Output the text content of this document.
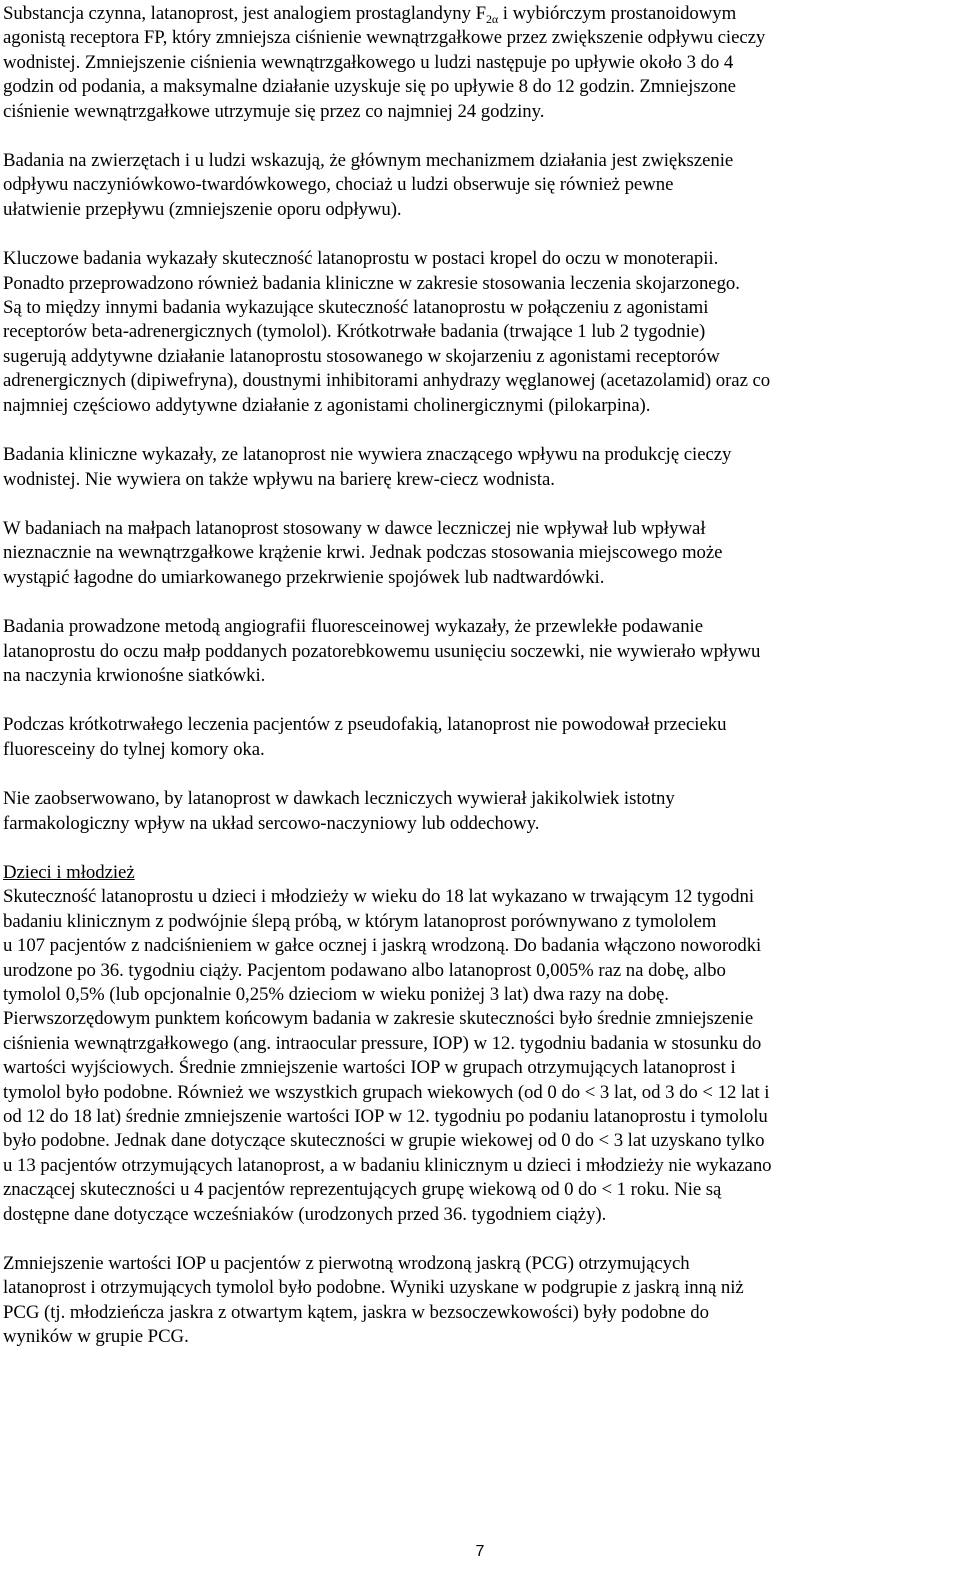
Substancja czynna, latanoprost, jest analogiem prostaglandyny $F_{2\alpha}$ i wybiórczym prostanoidowym
agonistą receptora FP, który zmniejsza ciśnienie wewnątrzgałkowe przez zwiększenie odpływu cieczy
wodnistej. Zmniejszenie ciśnienia wewnątrzgałkowego u ludzi następuje po upływie około 3 do 4
godzin od podania, a maksymalne działanie uzyskuje się po upływie 8 do 12 godzin. Zmniejszone
ciśnienie wewnątrzgałkowe utrzymuje się przez co najmniej 24 godziny.

Badania na zwierzętach i u ludzi wskazują, że głównym mechanizmem działania jest zwiększenie
odpływu naczyniówkowo-twardówkowego, chociaż u ludzi obserwuje się również pewne
ułatwienie przepływu (zmniejszenie oporu odpływu).

Kluczowe badania wykazały skuteczność latanoprostu w postaci kropel do oczu w monoterapii.
Ponadto przeprowadzono również badania kliniczne w zakresie stosowania leczenia skojarzonego.
Są to między innymi badania wykazujące skuteczność latanoprostu w połączeniu z agonistami
receptorów beta-adrenergicznych (tymolol). Krótkotrwałe badania (trwające 1 lub 2 tygodnie)
sugerują addytywne działanie latanoprostu stosowanego w skojarzeniu z agonistami receptorów
adrenergicznych (dipiwefryna), doustnymi inhibitorami anhydrazy węglanowej (acetazolamid) oraz co
najmniej częściowo addytywne działanie z agonistami cholinergicznymi (pilokarpina).

Badania kliniczne wykazały, ze latanoprost nie wywiera znaczącego wpływu na produkcję cieczy
wodnistej. Nie wywiera on także wpływu na barierę krew-ciecz wodnista.

W badaniach na małpach latanoprost stosowany w dawce leczniczej nie wpływał lub wpływał
nieznacznie na wewnątrzgałkowe krążenie krwi. Jednak podczas stosowania miejscowego może
wystąpić łagodne do umiarkowanego przekrwienie spojówek lub nadtwardówki.

Badania prowadzone metodą angiografii fluoresceinowej wykazały, że przewlekłe podawanie
latanoprostu do oczu małp poddanych pozatorebkowemu usunięciu soczewki, nie wywierało wpływu
na naczynia krwionośne siatkówki.

Podczas krótkotrwałego leczenia pacjentów z pseudofakią, latanoprost nie powodował przecieku
fluoresceiny do tylnej komory oka.

Nie zaobserwowano, by latanoprost w dawkach leczniczych wywierał jakikolwiek istotny
farmakologiczny wpływ na układ sercowo-naczyniowy lub oddechowy.

Dzieci i młodzież
Skuteczność latanoprostu u dzieci i młodzieży w wieku do 18 lat wykazano w trwającym 12 tygodni
badaniu klinicznym z podwójnie ślepą próbą, w którym latanoprost porównywano z tymololem
u 107 pacjentów z nadciśnieniem w gałce ocznej i jaskrą wrodzoną. Do badania włączono noworodki
urodzone po 36. tygodniu ciąży. Pacjentom podawano albo latanoprost 0,005% raz na dobę, albo
tymolol 0,5% (lub opcjonalnie 0,25% dzieciom w wieku poniżej 3 lat) dwa razy na dobę.
Pierwszorzędowym punktem końcowym badania w zakresie skuteczności było średnie zmniejszenie
ciśnienia wewnątrzgałkowego (ang. intraocular pressure, IOP) w 12. tygodniu badania w stosunku do
wartości wyjściowych. Średnie zmniejszenie wartości IOP w grupach otrzymujących latanoprost i
tymolol było podobne. Również we wszystkich grupach wiekowych (od 0 do < 3 lat, od 3 do < 12 lat i
od 12 do 18 lat) średnie zmniejszenie wartości IOP w 12. tygodniu po podaniu latanoprostu i tymololu
było podobne. Jednak dane dotyczące skuteczności w grupie wiekowej od 0 do < 3 lat uzyskano tylko
u 13 pacjentów otrzymujących latanoprost, a w badaniu klinicznym u dzieci i młodzieży nie wykazano
znaczącej skuteczności u 4 pacjentów reprezentujących grupę wiekową od 0 do < 1 roku. Nie są
dostępne dane dotyczące wcześniaków (urodzonych przed 36. tygodniem ciąży).

Zmniejszenie wartości IOP u pacjentów z pierwotną wrodzoną jaskrą (PCG) otrzymujących
latanoprost i otrzymujących tymolol było podobne. Wyniki uzyskane w podgrupie z jaskrą inną niż
PCG (tj. młodzieńcza jaskra z otwartym kątem, jaskra w bezsoczewkowości) były podobne do
wyników w grupie PCG.

7
